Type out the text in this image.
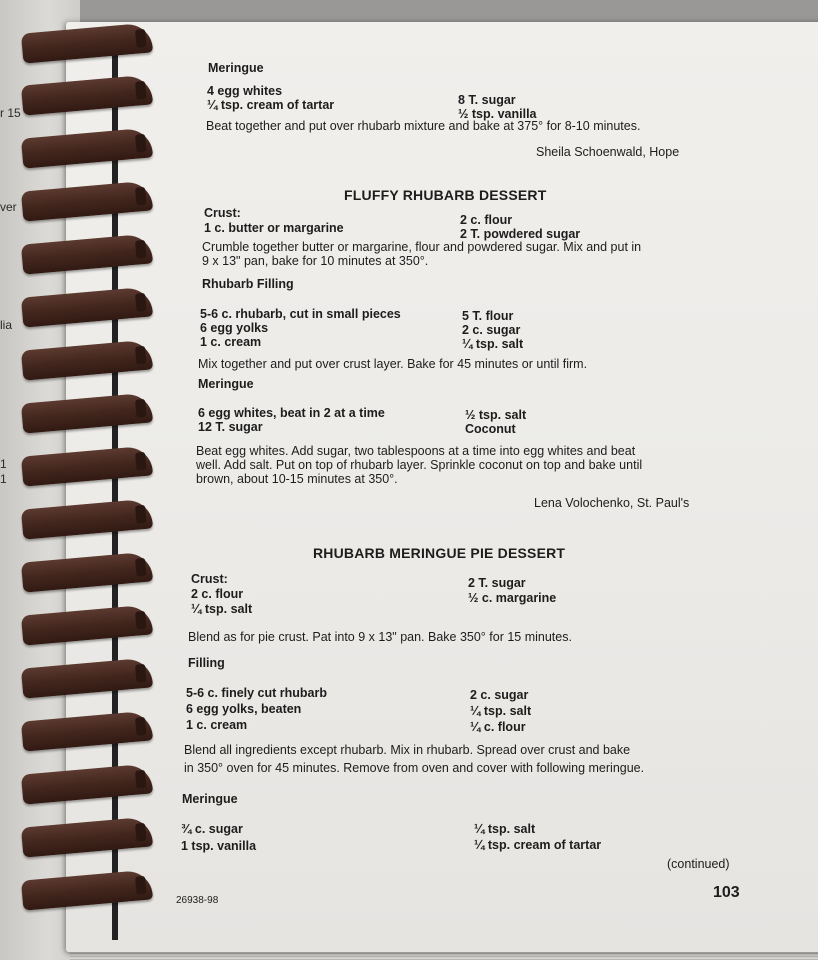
r 15
ver
lia
1
1
Meringue
4 egg whites
¼ tsp. cream of tartar	8 T. sugar
½ tsp. vanilla
Beat together and put over rhubarb mixture and bake at 375° for 8-10 minutes.
Sheila Schoenwald, Hope
FLUFFY RHUBARB DESSERT
Crust:
1 c. butter or margarine
2 c. flour
2 T. powdered sugar
Crumble together butter or margarine, flour and powdered sugar. Mix and put in
9 x 13" pan, bake for 10 minutes at 350°.
Rhubarb Filling
5-6 c. rhubarb, cut in small pieces
6 egg yolks
1 c. cream
5 T. flour
2 c. sugar
¼ tsp. salt
Mix together and put over crust layer. Bake for 45 minutes or until firm.
Meringue
6 egg whites, beat in 2 at a time
12 T. sugar
½ tsp. salt
Coconut
Beat egg whites. Add sugar, two tablespoons at a time into egg whites and beat
well. Add salt. Put on top of rhubarb layer. Sprinkle coconut on top and bake until
brown, about 10-15 minutes at 350°.
Lena Volochenko, St. Paul's
RHUBARB MERINGUE PIE DESSERT
Crust:
2 c. flour
¼ tsp. salt
2 T. sugar
½ c. margarine
Blend as for pie crust. Pat into 9 x 13" pan. Bake 350° for 15 minutes.
Filling
5-6 c. finely cut rhubarb
6 egg yolks, beaten
1 c. cream
2 c. sugar
¼ tsp. salt
¼ c. flour
Blend all ingredients except rhubarb. Mix in rhubarb. Spread over crust and bake
in 350° oven for 45 minutes. Remove from oven and cover with following meringue.
Meringue
¾ c. sugar
1 tsp. vanilla
¼ tsp. salt
¼ tsp. cream of tartar
(continued)
26938-98	103
